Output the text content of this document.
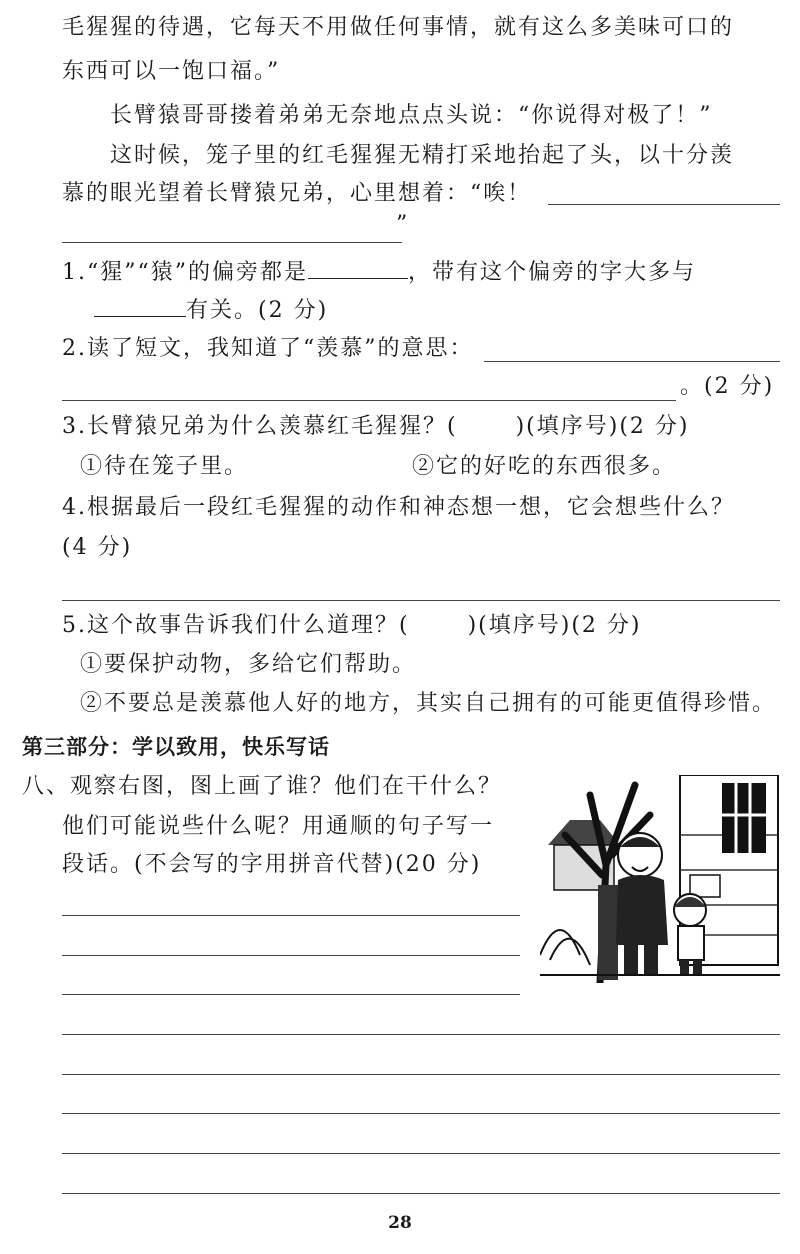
毛猩猩的待遇，它每天不用做任何事情，就有这么多美味可口的
东西可以一饱口福。”
长臂猿哥哥搂着弟弟无奈地点点头说：“你说得对极了！”
这时候，笼子里的红毛猩猩无精打采地抬起了头，以十分羡
慕的眼光望着长臂猿兄弟，心里想着：“唉！
”
1.“猩”“猿”的偏旁都是	，带有这个偏旁的字大多与
有关。(2 分)
2.读了短文，我知道了“羡慕”的意思：
。(2 分)
3.长臂猿兄弟为什么羡慕红毛猩猩？(	)(填序号)(2 分)
①待在笼子里。	②它的好吃的东西很多。
4.根据最后一段红毛猩猩的动作和神态想一想，它会想些什么？
(4 分)
5.这个故事告诉我们什么道理？(	)(填序号)(2 分)
①要保护动物，多给它们帮助。
②不要总是羡慕他人好的地方，其实自己拥有的可能更值得珍惜。
第三部分：学以致用，快乐写话
八、观察右图，图上画了谁？他们在干什么？
他们可能说些什么呢？用通顺的句子写一
段话。(不会写的字用拼音代替)(20 分)
28
